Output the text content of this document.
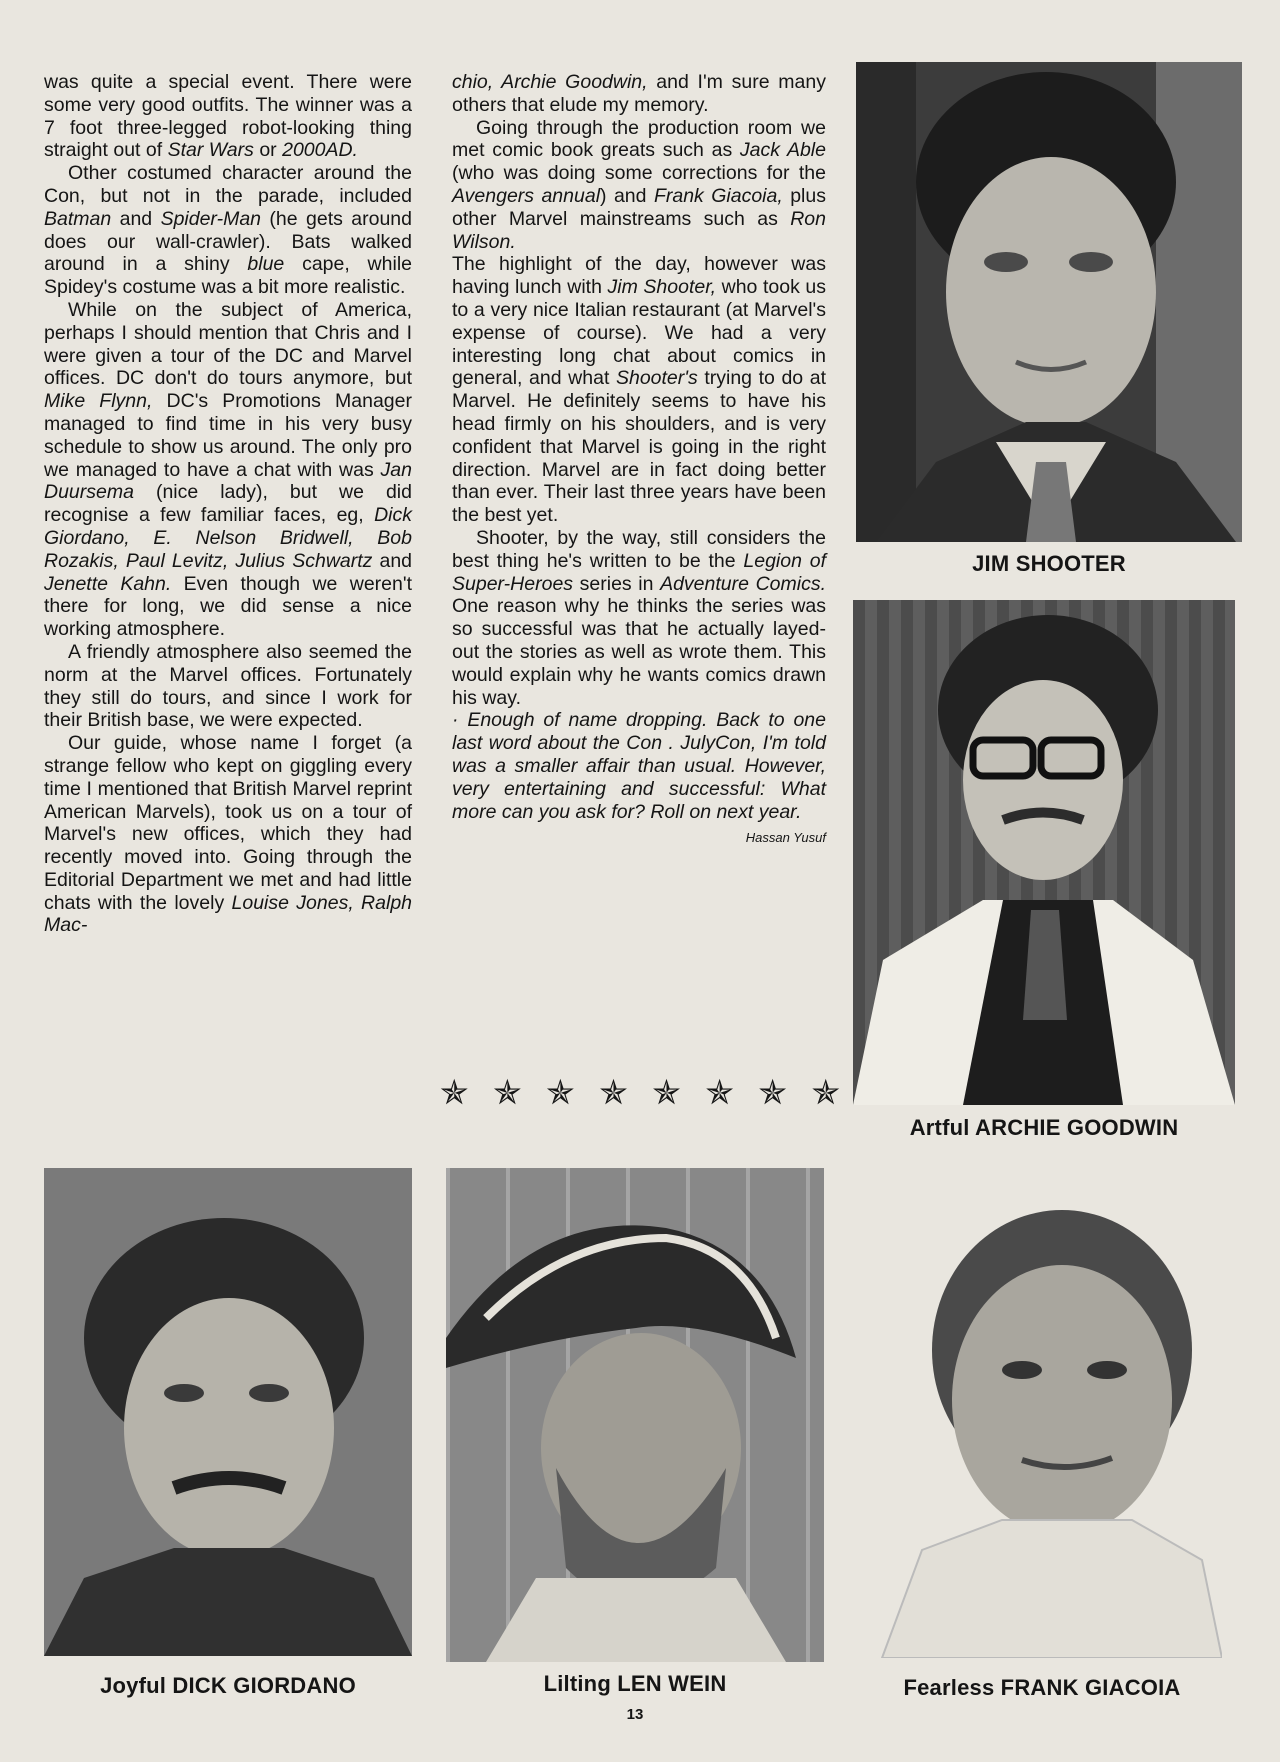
was quite a special event. There were some very good outfits. The winner was a 7 foot three-legged robot-looking thing straight out of Star Wars or 2000AD.

Other costumed character around the Con, but not in the parade, included Batman and Spider-Man (he gets around does our wall-crawler). Bats walked around in a shiny blue cape, while Spidey's costume was a bit more realistic.

While on the subject of America, perhaps I should mention that Chris and I were given a tour of the DC and Marvel offices. DC don't do tours anymore, but Mike Flynn, DC's Promotions Manager managed to find time in his very busy schedule to show us around. The only pro we managed to have a chat with was Jan Duursema (nice lady), but we did recognise a few familiar faces, eg, Dick Giordano, E. Nelson Bridwell, Bob Rozakis, Paul Levitz, Julius Schwartz and Jenette Kahn. Even though we weren't there for long, we did sense a nice working atmosphere.

A friendly atmosphere also seemed the norm at the Marvel offices. Fortunately they still do tours, and since I work for their British base, we were expected.

Our guide, whose name I forget (a strange fellow who kept on giggling every time I mentioned that British Marvel reprint American Marvels), took us on a tour of Marvel's new offices, which they had recently moved into. Going through the Editorial Department we met and had little chats with the lovely Louise Jones, Ralph Mac-

chio, Archie Goodwin, and I'm sure many others that elude my memory.

Going through the production room we met comic book greats such as Jack Able (who was doing some corrections for the Avengers annual) and Frank Giacoia, plus other Marvel mainstreams such as Ron Wilson.

The highlight of the day, however was having lunch with Jim Shooter, who took us to a very nice Italian restaurant (at Marvel's expense of course). We had a very interesting long chat about comics in general, and what Shooter's trying to do at Marvel. He definitely seems to have his head firmly on his shoulders, and is very confident that Marvel is going in the right direction. Marvel are in fact doing better than ever. Their last three years have been the best yet.

Shooter, by the way, still considers the best thing he's written to be the Legion of Super-Heroes series in Adventure Comics. One reason why he thinks the series was so successful was that he actually layed-out the stories as well as wrote them. This would explain why he wants comics drawn his way.

· Enough of name dropping. Back to one last word about the Con . JulyCon, I'm told was a smaller affair than usual. However, very entertaining and successful: What more can you ask for? Roll on next year.

Hassan Yusuf
✯ ✯ ✯ ✯ ✯ ✯ ✯ ✯
JIM SHOOTER
Artful ARCHIE GOODWIN
Joyful DICK GIORDANO	Lilting LEN WEIN	Fearless FRANK GIACOIA
13
